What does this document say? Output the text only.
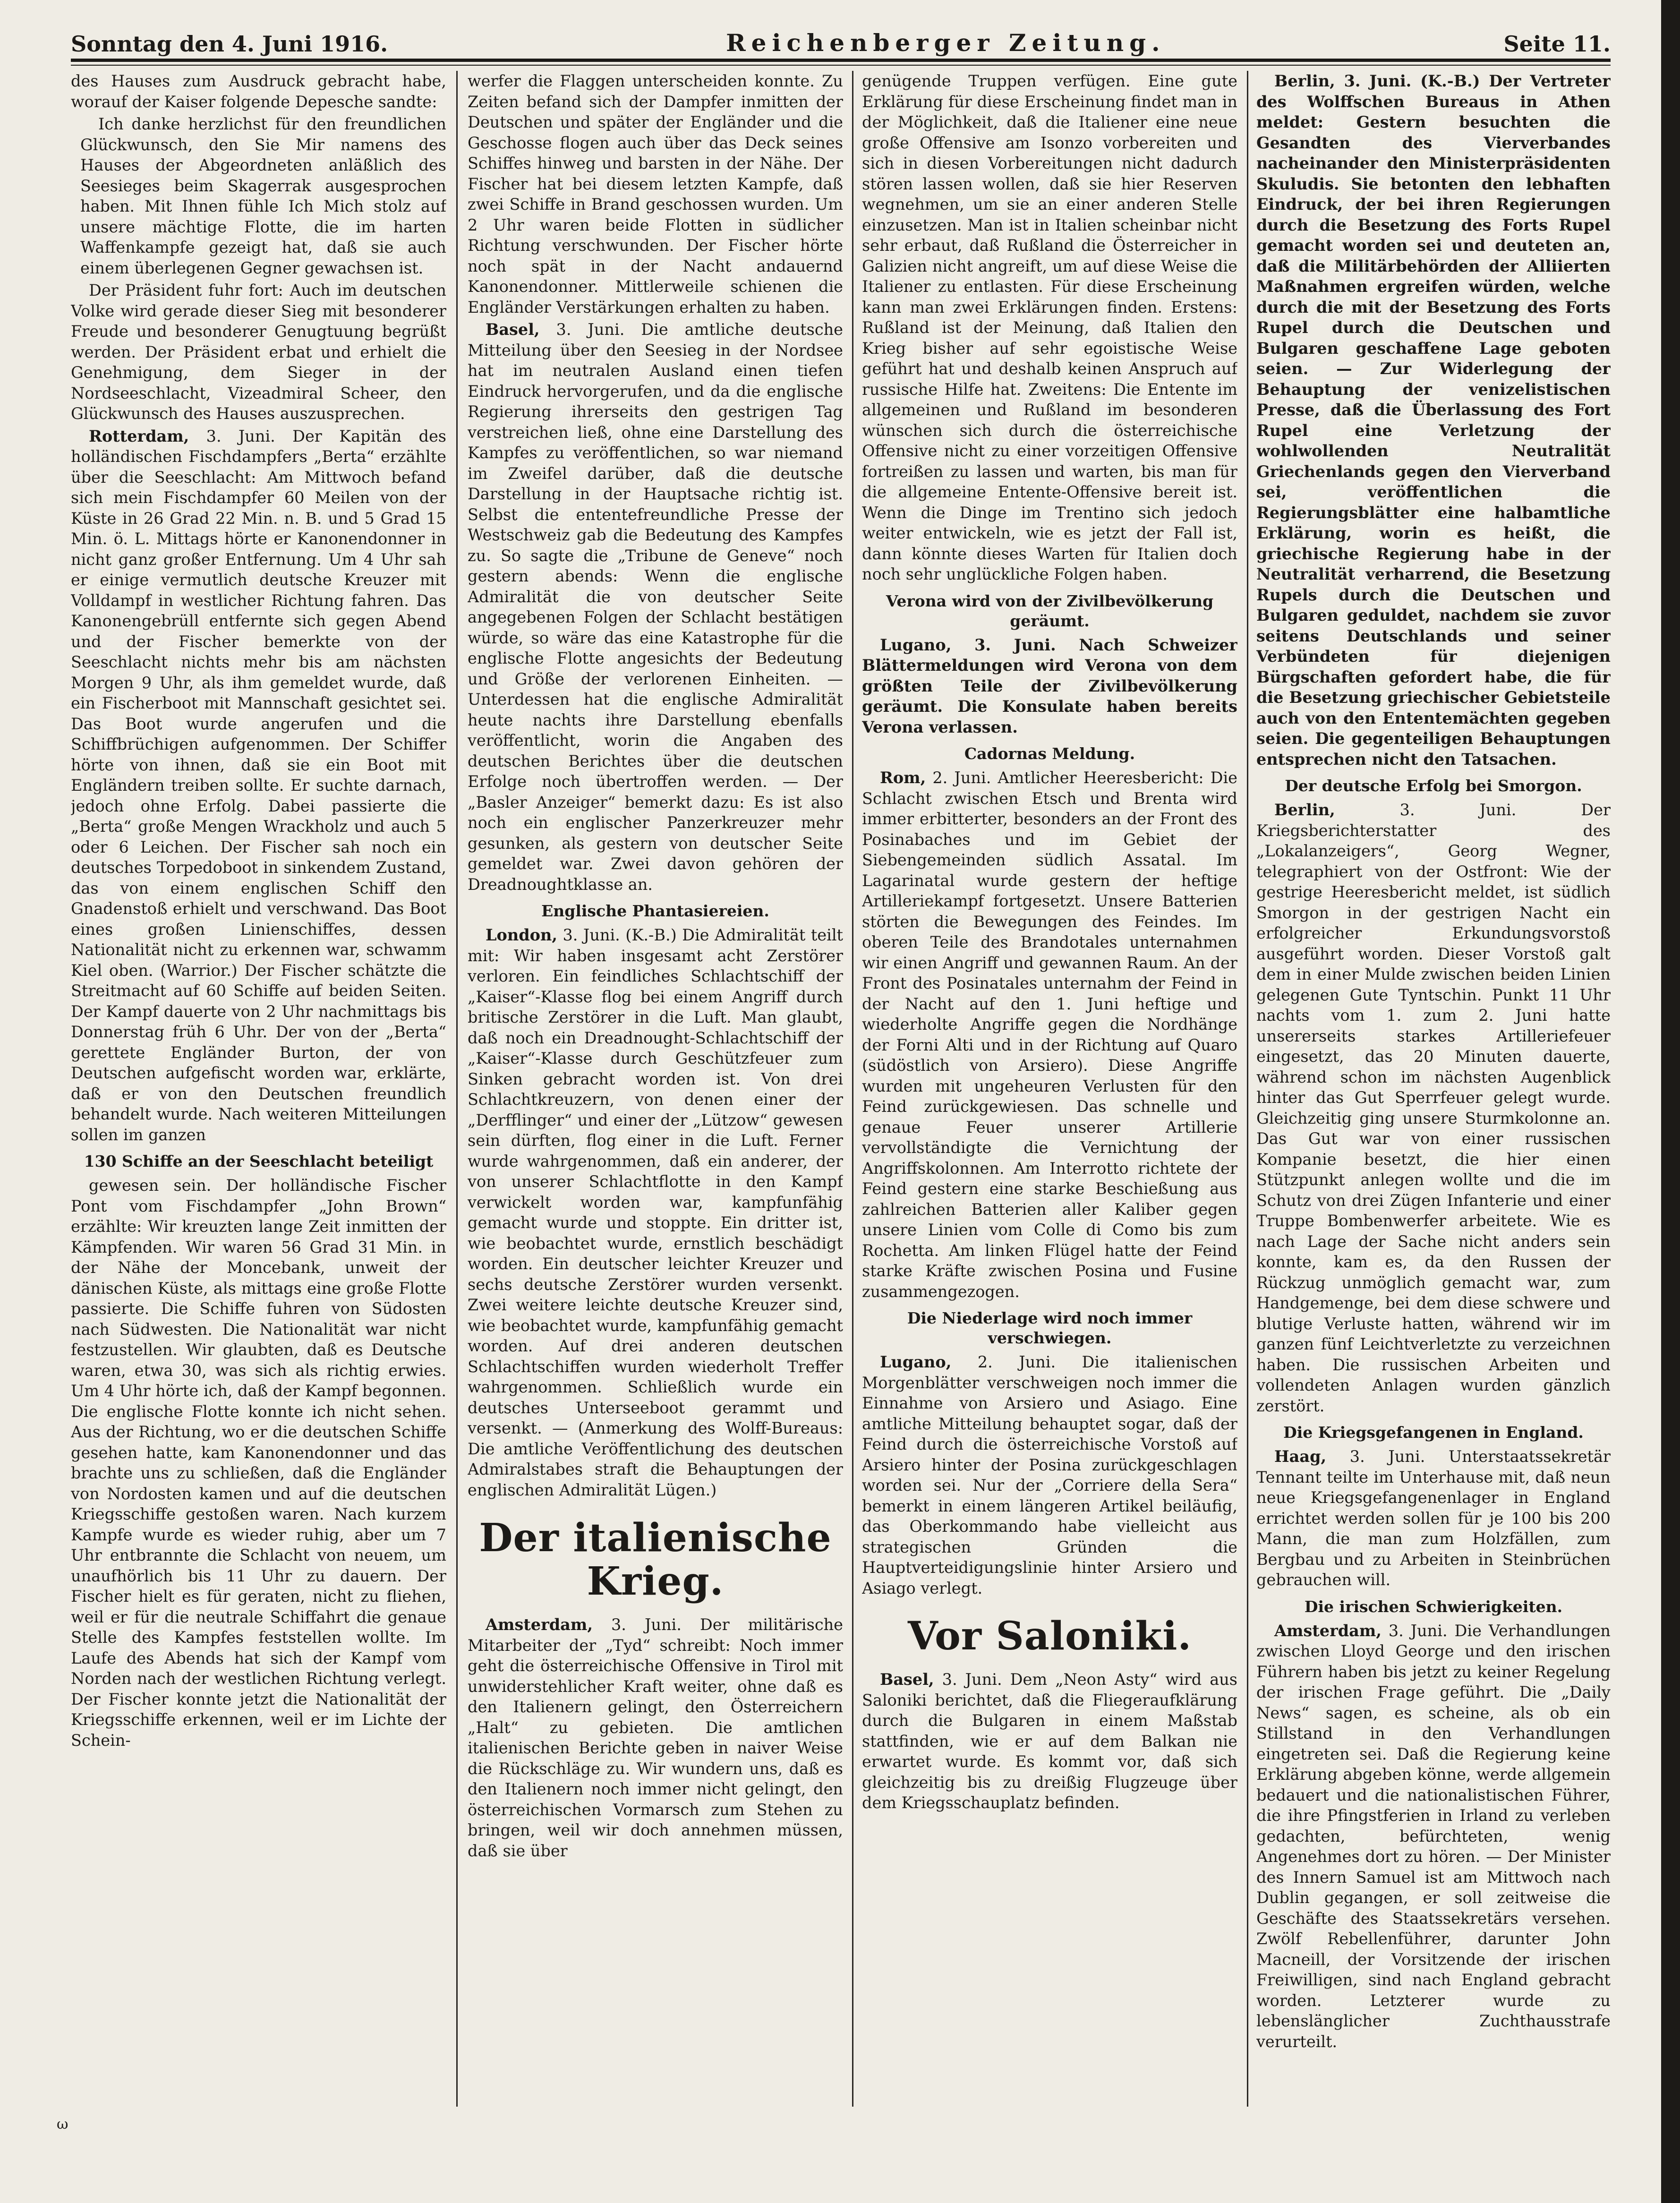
Sonntag den 4. Juni 1916.	Reichenberger Zeitung.	Seite 11.

des Hauses zum Ausdruck gebracht habe, worauf der Kaiser folgende Depesche sandte:

Ich danke herzlichst für den freundlichen Glückwunsch, den Sie Mir namens des Hauses der Abgeordneten anläßlich des Seesieges beim Skagerrak ausgesprochen haben. Mit Ihnen fühle Ich Mich stolz auf unsere mächtige Flotte, die im harten Waffenkampfe gezeigt hat, daß sie auch einem überlegenen Gegner gewachsen ist.

Der Präsident fuhr fort: Auch im deutschen Volke wird gerade dieser Sieg mit besonderer Freude und besonderer Genugtuung begrüßt werden. Der Präsident erbat und erhielt die Genehmigung, dem Sieger in der Nordseeschlacht, Vizeadmiral Scheer, den Glückwunsch des Hauses auszusprechen.

Rotterdam, 3. Juni. Der Kapitän des holländischen Fischdampfers „Berta“ erzählte über die Seeschlacht: Am Mittwoch befand sich mein Fischdampfer 60 Meilen von der Küste in 26 Grad 22 Min. n. B. und 5 Grad 15 Min. ö. L. Mittags hörte er Kanonendonner in nicht ganz großer Entfernung. Um 4 Uhr sah er einige vermutlich deutsche Kreuzer mit Volldampf in westlicher Richtung fahren. Das Kanonengebrüll entfernte sich gegen Abend und der Fischer bemerkte von der Seeschlacht nichts mehr bis am nächsten Morgen 9 Uhr, als ihm gemeldet wurde, daß ein Fischerboot mit Mannschaft gesichtet sei. Das Boot wurde angerufen und die Schiffbrüchigen aufgenommen. Der Schiffer hörte von ihnen, daß sie ein Boot mit Engländern treiben sollte. Er suchte darnach, jedoch ohne Erfolg. Dabei passierte die „Berta“ große Mengen Wrackholz und auch 5 oder 6 Leichen. Der Fischer sah noch ein deutsches Torpedoboot in sinkendem Zustand, das von einem englischen Schiff den Gnadenstoß erhielt und verschwand. Das Boot eines großen Linienschiffes, dessen Nationalität nicht zu erkennen war, schwamm Kiel oben. (Warrior.) Der Fischer schätzte die Streitmacht auf 60 Schiffe auf beiden Seiten. Der Kampf dauerte von 2 Uhr nachmittags bis Donnerstag früh 6 Uhr. Der von der „Berta“ gerettete Engländer Burton, der von Deutschen aufgefischt worden war, erklärte, daß er von den Deutschen freundlich behandelt wurde. Nach weiteren Mitteilungen sollen im ganzen

130 Schiffe an der Seeschlacht beteiligt

gewesen sein. Der holländische Fischer Pont vom Fischdampfer „John Brown“ erzählte: Wir kreuzten lange Zeit inmitten der Kämpfenden. Wir waren 56 Grad 31 Min. in der Nähe der Moncebank, unweit der dänischen Küste, als mittags eine große Flotte passierte. Die Schiffe fuhren von Südosten nach Südwesten. Die Nationalität war nicht festzustellen. Wir glaubten, daß es Deutsche waren, etwa 30, was sich als richtig erwies. Um 4 Uhr hörte ich, daß der Kampf begonnen. Die englische Flotte konnte ich nicht sehen. Aus der Richtung, wo er die deutschen Schiffe gesehen hatte, kam Kanonendonner und das brachte uns zu schließen, daß die Engländer von Nordosten kamen und auf die deutschen Kriegsschiffe gestoßen waren. Nach kurzem Kampfe wurde es wieder ruhig, aber um 7 Uhr entbrannte die Schlacht von neuem, um unaufhörlich bis 11 Uhr zu dauern. Der Fischer hielt es für geraten, nicht zu fliehen, weil er für die neutrale Schiffahrt die genaue Stelle des Kampfes feststellen wollte. Im Laufe des Abends hat sich der Kampf vom Norden nach der westlichen Richtung verlegt. Der Fischer konnte jetzt die Nationalität der Kriegsschiffe erkennen, weil er im Lichte der Schein-

werfer die Flaggen unterscheiden konnte. Zu Zeiten befand sich der Dampfer inmitten der Deutschen und später der Engländer und die Geschosse flogen auch über das Deck seines Schiffes hinweg und barsten in der Nähe. Der Fischer hat bei diesem letzten Kampfe, daß zwei Schiffe in Brand geschossen wurden. Um 2 Uhr waren beide Flotten in südlicher Richtung verschwunden. Der Fischer hörte noch spät in der Nacht andauernd Kanonendonner. Mittlerweile schienen die Engländer Verstärkungen erhalten zu haben.

Basel, 3. Juni. Die amtliche deutsche Mitteilung über den Seesieg in der Nordsee hat im neutralen Ausland einen tiefen Eindruck hervorgerufen, und da die englische Regierung ihrerseits den gestrigen Tag verstreichen ließ, ohne eine Darstellung des Kampfes zu veröffentlichen, so war niemand im Zweifel darüber, daß die deutsche Darstellung in der Hauptsache richtig ist. Selbst die ententefreundliche Presse der Westschweiz gab die Bedeutung des Kampfes zu. So sagte die „Tribune de Geneve“ noch gestern abends: Wenn die englische Admiralität die von deutscher Seite angegebenen Folgen der Schlacht bestätigen würde, so wäre das eine Katastrophe für die englische Flotte angesichts der Bedeutung und Größe der verlorenen Einheiten. — Unterdessen hat die englische Admiralität heute nachts ihre Darstellung ebenfalls veröffentlicht, worin die Angaben des deutschen Berichtes über die deutschen Erfolge noch übertroffen werden. — Der „Basler Anzeiger“ bemerkt dazu: Es ist also noch ein englischer Panzerkreuzer mehr gesunken, als gestern von deutscher Seite gemeldet war. Zwei davon gehören der Dreadnoughtklasse an.

Englische Phantasiereien.

London, 3. Juni. (K.-B.) Die Admiralität teilt mit: Wir haben insgesamt acht Zerstörer verloren. Ein feindliches Schlachtschiff der „Kaiser“-Klasse flog bei einem Angriff durch britische Zerstörer in die Luft. Man glaubt, daß noch ein Dreadnought-Schlachtschiff der „Kaiser“-Klasse durch Geschützfeuer zum Sinken gebracht worden ist. Von drei Schlachtkreuzern, von denen einer der „Derfflinger“ und einer der „Lützow“ gewesen sein dürften, flog einer in die Luft. Ferner wurde wahrgenommen, daß ein anderer, der von unserer Schlachtflotte in den Kampf verwickelt worden war, kampfunfähig gemacht wurde und stoppte. Ein dritter ist, wie beobachtet wurde, ernstlich beschädigt worden. Ein deutscher leichter Kreuzer und sechs deutsche Zerstörer wurden versenkt. Zwei weitere leichte deutsche Kreuzer sind, wie beobachtet wurde, kampfunfähig gemacht worden. Auf drei anderen deutschen Schlachtschiffen wurden wiederholt Treffer wahrgenommen. Schließlich wurde ein deutsches Unterseeboot gerammt und versenkt. — (Anmerkung des Wolff-Bureaus: Die amtliche Veröffentlichung des deutschen Admiralstabes straft die Behauptungen der englischen Admiralität Lügen.)

Der italienische Krieg.

Amsterdam, 3. Juni. Der militärische Mitarbeiter der „Tyd“ schreibt: Noch immer geht die österreichische Offensive in Tirol mit unwiderstehlicher Kraft weiter, ohne daß es den Italienern gelingt, den Österreichern „Halt“ zu gebieten. Die amtlichen italienischen Berichte geben in naiver Weise die Rückschläge zu. Wir wundern uns, daß es den Italienern noch immer nicht gelingt, den österreichischen Vormarsch zum Stehen zu bringen, weil wir doch annehmen müssen, daß sie über

genügende Truppen verfügen. Eine gute Erklärung für diese Erscheinung findet man in der Möglichkeit, daß die Italiener eine neue große Offensive am Isonzo vorbereiten und sich in diesen Vorbereitungen nicht dadurch stören lassen wollen, daß sie hier Reserven wegnehmen, um sie an einer anderen Stelle einzusetzen. Man ist in Italien scheinbar nicht sehr erbaut, daß Rußland die Österreicher in Galizien nicht angreift, um auf diese Weise die Italiener zu entlasten. Für diese Erscheinung kann man zwei Erklärungen finden. Erstens: Rußland ist der Meinung, daß Italien den Krieg bisher auf sehr egoistische Weise geführt hat und deshalb keinen Anspruch auf russische Hilfe hat. Zweitens: Die Entente im allgemeinen und Rußland im besonderen wünschen sich durch die österreichische Offensive nicht zu einer vorzeitigen Offensive fortreißen zu lassen und warten, bis man für die allgemeine Entente-Offensive bereit ist. Wenn die Dinge im Trentino sich jedoch weiter entwickeln, wie es jetzt der Fall ist, dann könnte dieses Warten für Italien doch noch sehr unglückliche Folgen haben.

Verona wird von der Zivilbevölkerung geräumt.

Lugano, 3. Juni. Nach Schweizer Blättermeldungen wird Verona von dem größten Teile der Zivilbevölkerung geräumt. Die Konsulate haben bereits Verona verlassen.

Cadornas Meldung.

Rom, 2. Juni. Amtlicher Heeresbericht: Die Schlacht zwischen Etsch und Brenta wird immer erbitterter, besonders an der Front des Posinabaches und im Gebiet der Siebengemeinden südlich Assatal. Im Lagarinatal wurde gestern der heftige Artilleriekampf fortgesetzt. Unsere Batterien störten die Bewegungen des Feindes. Im oberen Teile des Brandotales unternahmen wir einen Angriff und gewannen Raum. An der Front des Posinatales unternahm der Feind in der Nacht auf den 1. Juni heftige und wiederholte Angriffe gegen die Nordhänge der Forni Alti und in der Richtung auf Quaro (südöstlich von Arsiero). Diese Angriffe wurden mit ungeheuren Verlusten für den Feind zurückgewiesen. Das schnelle und genaue Feuer unserer Artillerie vervollständigte die Vernichtung der Angriffskolonnen. Am Interrotto richtete der Feind gestern eine starke Beschießung aus zahlreichen Batterien aller Kaliber gegen unsere Linien vom Colle di Como bis zum Rochetta. Am linken Flügel hatte der Feind starke Kräfte zwischen Posina und Fusine zusammengezogen.

Die Niederlage wird noch immer verschwiegen.

Lugano, 2. Juni. Die italienischen Morgenblätter verschweigen noch immer die Einnahme von Arsiero und Asiago. Eine amtliche Mitteilung behauptet sogar, daß der Feind durch die österreichische Vorstoß auf Arsiero hinter der Posina zurückgeschlagen worden sei. Nur der „Corriere della Sera“ bemerkt in einem längeren Artikel beiläufig, das Oberkommando habe vielleicht aus strategischen Gründen die Hauptverteidigungslinie hinter Arsiero und Asiago verlegt.

Vor Saloniki.

Basel, 3. Juni. Dem „Neon Asty“ wird aus Saloniki berichtet, daß die Fliegeraufklärung durch die Bulgaren in einem Maßstab stattfinden, wie er auf dem Balkan nie erwartet wurde. Es kommt vor, daß sich gleichzeitig bis zu dreißig Flugzeuge über dem Kriegsschauplatz befinden.

Berlin, 3. Juni. (K.-B.) Der Vertreter des Wolffschen Bureaus in Athen meldet: Gestern besuchten die Gesandten des Vierverbandes nacheinander den Ministerpräsidenten Skuludis. Sie betonten den lebhaften Eindruck, der bei ihren Regierungen durch die Besetzung des Forts Rupel gemacht worden sei und deuteten an, daß die Militärbehörden der Alliierten Maßnahmen ergreifen würden, welche durch die mit der Besetzung des Forts Rupel durch die Deutschen und Bulgaren geschaffene Lage geboten seien. — Zur Widerlegung der Behauptung der venizelistischen Presse, daß die Überlassung des Fort Rupel eine Verletzung der wohlwollenden Neutralität Griechenlands gegen den Vierverband sei, veröffentlichen die Regierungsblätter eine halbamtliche Erklärung, worin es heißt, die griechische Regierung habe in der Neutralität verharrend, die Besetzung Rupels durch die Deutschen und Bulgaren geduldet, nachdem sie zuvor seitens Deutschlands und seiner Verbündeten für diejenigen Bürgschaften gefordert habe, die für die Besetzung griechischer Gebietsteile auch von den Ententemächten gegeben seien. Die gegenteiligen Behauptungen entsprechen nicht den Tatsachen.

Der deutsche Erfolg bei Smorgon.

Berlin, 3. Juni. Der Kriegsberichterstatter des „Lokalanzeigers“, Georg Wegner, telegraphiert von der Ostfront: Wie der gestrige Heeresbericht meldet, ist südlich Smorgon in der gestrigen Nacht ein erfolgreicher Erkundungsvorstoß ausgeführt worden. Dieser Vorstoß galt dem in einer Mulde zwischen beiden Linien gelegenen Gute Tyntschin. Punkt 11 Uhr nachts vom 1. zum 2. Juni hatte unsererseits starkes Artilleriefeuer eingesetzt, das 20 Minuten dauerte, während schon im nächsten Augenblick hinter das Gut Sperrfeuer gelegt wurde. Gleichzeitig ging unsere Sturmkolonne an. Das Gut war von einer russischen Kompanie besetzt, die hier einen Stützpunkt anlegen wollte und die im Schutz von drei Zügen Infanterie und einer Truppe Bombenwerfer arbeitete. Wie es nach Lage der Sache nicht anders sein konnte, kam es, da den Russen der Rückzug unmöglich gemacht war, zum Handgemenge, bei dem diese schwere und blutige Verluste hatten, während wir im ganzen fünf Leichtverletzte zu verzeichnen haben. Die russischen Arbeiten und vollendeten Anlagen wurden gänzlich zerstört.

Die Kriegsgefangenen in England.

Haag, 3. Juni. Unterstaatssekretär Tennant teilte im Unterhause mit, daß neun neue Kriegsgefangenenlager in England errichtet werden sollen für je 100 bis 200 Mann, die man zum Holzfällen, zum Bergbau und zu Arbeiten in Steinbrüchen gebrauchen will.

Die irischen Schwierigkeiten.

Amsterdam, 3. Juni. Die Verhandlungen zwischen Lloyd George und den irischen Führern haben bis jetzt zu keiner Regelung der irischen Frage geführt. Die „Daily News“ sagen, es scheine, als ob ein Stillstand in den Verhandlungen eingetreten sei. Daß die Regierung keine Erklärung abgeben könne, werde allgemein bedauert und die nationalistischen Führer, die ihre Pfingstferien in Irland zu verleben gedachten, befürchteten, wenig Angenehmes dort zu hören. — Der Minister des Innern Samuel ist am Mittwoch nach Dublin gegangen, er soll zeitweise die Geschäfte des Staatssekretärs versehen. Zwölf Rebellenführer, darunter John Macneill, der Vorsitzende der irischen Freiwilligen, sind nach England gebracht worden. Letzterer wurde zu lebenslänglicher Zuchthausstrafe verurteilt.

ω
